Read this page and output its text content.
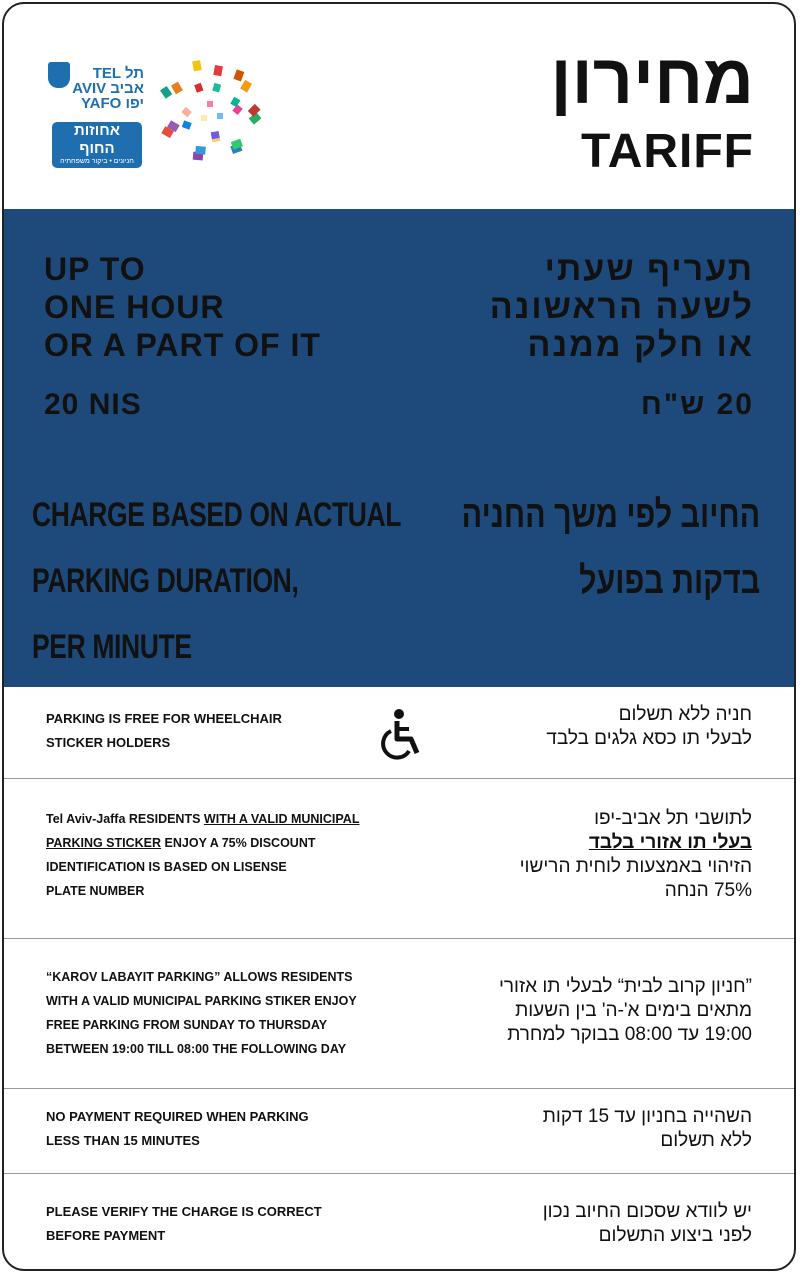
TEL תל
AVIV אביב
YAFO יפו
אחוזות
החוף
חניונים • ביקור משפחתיה
מחירון
TARIFF
UP TO
ONE HOUR
OR A PART OF IT
תעריף שעתי
לשעה הראשונה
או חלק ממנה
20 NIS	20 ש"ח
CHARGE BASED ON ACTUAL
PARKING DURATION,
PER MINUTE
החיוב לפי משך החניה
בדקות בפועל
PARKING IS FREE FOR WHEELCHAIR
STICKER HOLDERS
חניה ללא תשלום
לבעלי תו כסא גלגים בלבד
Tel Aviv-Jaffa RESIDENTS WITH A VALID MUNICIPAL
PARKING STICKER ENJOY A 75% DISCOUNT
IDENTIFICATION IS BASED ON LISENSE
PLATE NUMBER
לתושבי תל אביב-יפו
בעלי תו אזורי בלבד
הזיהוי באמצעות לוחית הרישוי
75% הנחה
“KAROV LABAYIT PARKING” ALLOWS RESIDENTS
WITH A VALID MUNICIPAL PARKING STIKER ENJOY
FREE PARKING FROM SUNDAY TO THURSDAY
BETWEEN 19:00 TILL 08:00 THE FOLLOWING DAY
”חניון קרוב לבית“ לבעלי תו אזורי
מתאים בימים א'-ה' בין השעות
19:00 עד 08:00 בבוקר למחרת
NO PAYMENT REQUIRED WHEN PARKING
LESS THAN 15 MINUTES
השהייה בחניון עד 15 דקות
ללא תשלום
PLEASE VERIFY THE CHARGE IS CORRECT
BEFORE PAYMENT
יש לוודא שסכום החיוב נכון
לפני ביצוע התשלום
